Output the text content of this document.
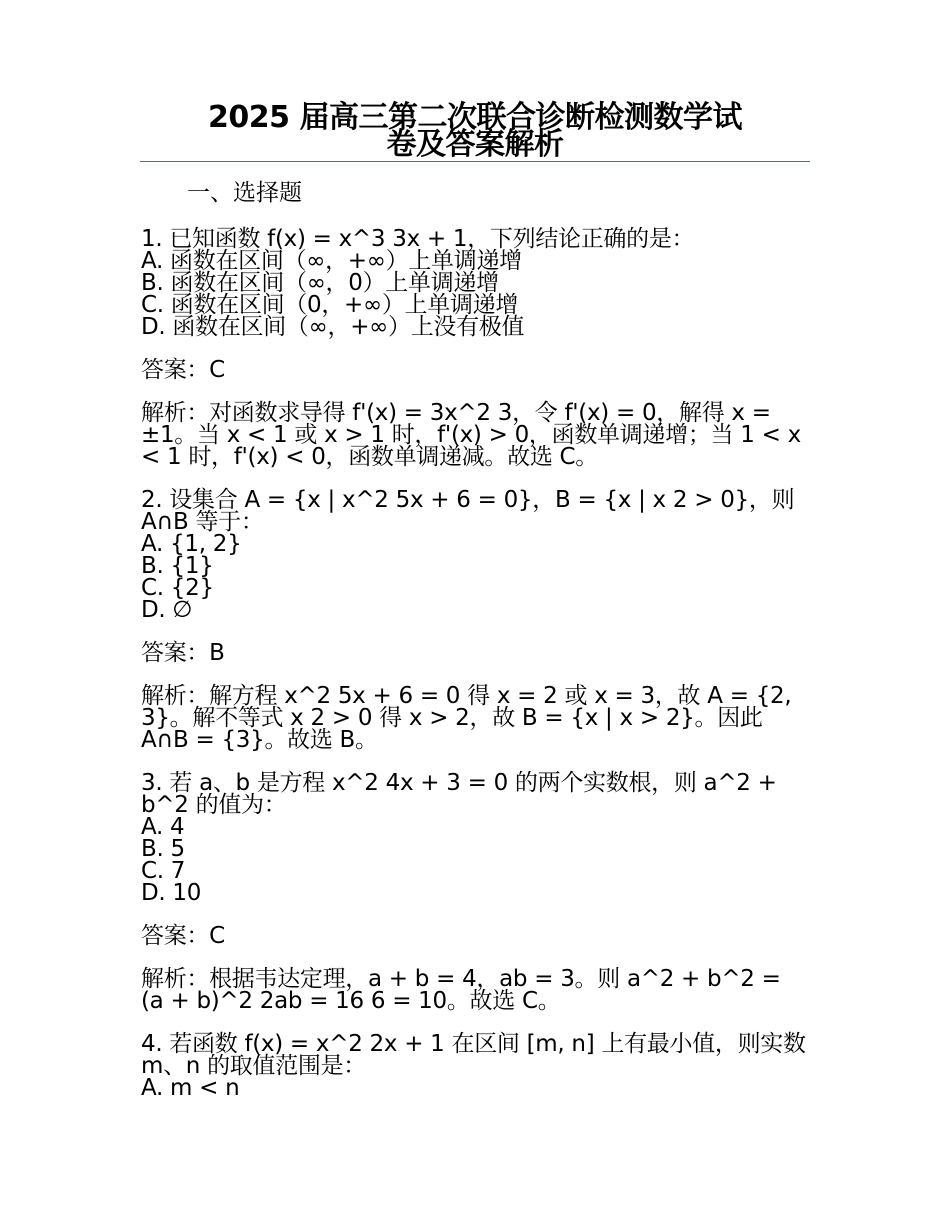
2025 届高三第二次联合诊断检测数学试
卷及答案解析
一、选择题
1. 已知函数 f(x) = x^3 3x + 1，下列结论正确的是：
A. 函数在区间（∞，+∞）上单调递增
B. 函数在区间（∞，0）上单调递增
C. 函数在区间（0，+∞）上单调递增
D. 函数在区间（∞，+∞）上没有极值
答案：C
解析：对函数求导得 f'(x) = 3x^2 3，令 f'(x) = 0，解得 x = ±1。当 x < 1 或 x > 1 时，f'(x) > 0，函数单调递增；当 1 < x < 1 时，f'(x) < 0，函数单调递减。故选 C。
2. 设集合 A = {x | x^2 5x + 6 = 0}，B = {x | x 2 > 0}，则 A∩B 等于：
A. {1, 2}
B. {1}
C. {2}
D. ∅
答案：B
解析：解方程 x^2 5x + 6 = 0 得 x = 2 或 x = 3，故 A = {2, 3}。解不等式 x 2 > 0 得 x > 2，故 B = {x | x > 2}。因此 A∩B = {3}。故选 B。
3. 若 a、b 是方程 x^2 4x + 3 = 0 的两个实数根，则 a^2 + b^2 的值为：
A. 4
B. 5
C. 7
D. 10
答案：C
解析：根据韦达定理，a + b = 4，ab = 3。则 a^2 + b^2 = (a + b)^2 2ab = 16 6 = 10。故选 C。
4. 若函数 f(x) = x^2 2x + 1 在区间 [m, n] 上有最小值，则实数 m、n 的取值范围是：
A. m < n
